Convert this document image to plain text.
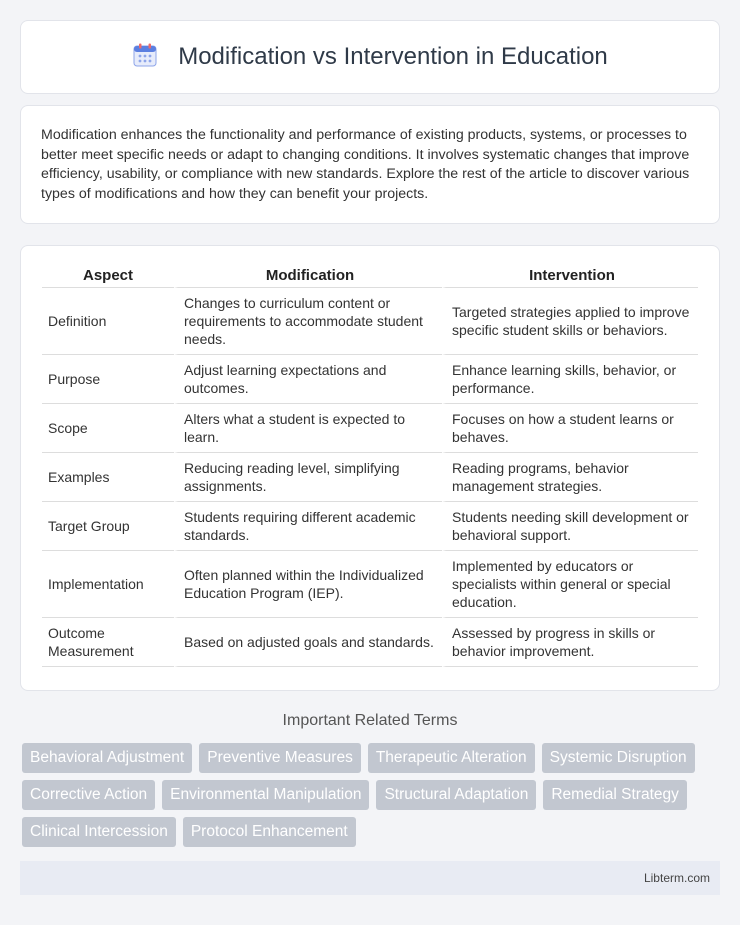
Modification vs Intervention in Education

Modification enhances the functionality and performance of existing products, systems, or processes to better meet specific needs or adapt to changing conditions. It involves systematic changes that improve efficiency, usability, or compliance with new standards. Explore the rest of the article to discover various types of modifications and how they can benefit your projects.

Aspect	Modification	Intervention
Definition	Changes to curriculum content or requirements to accommodate student needs.	Targeted strategies applied to improve specific student skills or behaviors.
Purpose	Adjust learning expectations and outcomes.	Enhance learning skills, behavior, or performance.
Scope	Alters what a student is expected to learn.	Focuses on how a student learns or behaves.
Examples	Reducing reading level, simplifying assignments.	Reading programs, behavior management strategies.
Target Group	Students requiring different academic standards.	Students needing skill development or behavioral support.
Implementation	Often planned within the Individualized Education Program (IEP).	Implemented by educators or specialists within general or special education.
Outcome Measurement	Based on adjusted goals and standards.	Assessed by progress in skills or behavior improvement.
Important Related Terms
Behavioral Adjustment	Preventive Measures	Therapeutic Alteration	Systemic Disruption
Corrective Action	Environmental Manipulation	Structural Adaptation	Remedial Strategy
Clinical Intercession	Protocol Enhancement
Libterm.com
